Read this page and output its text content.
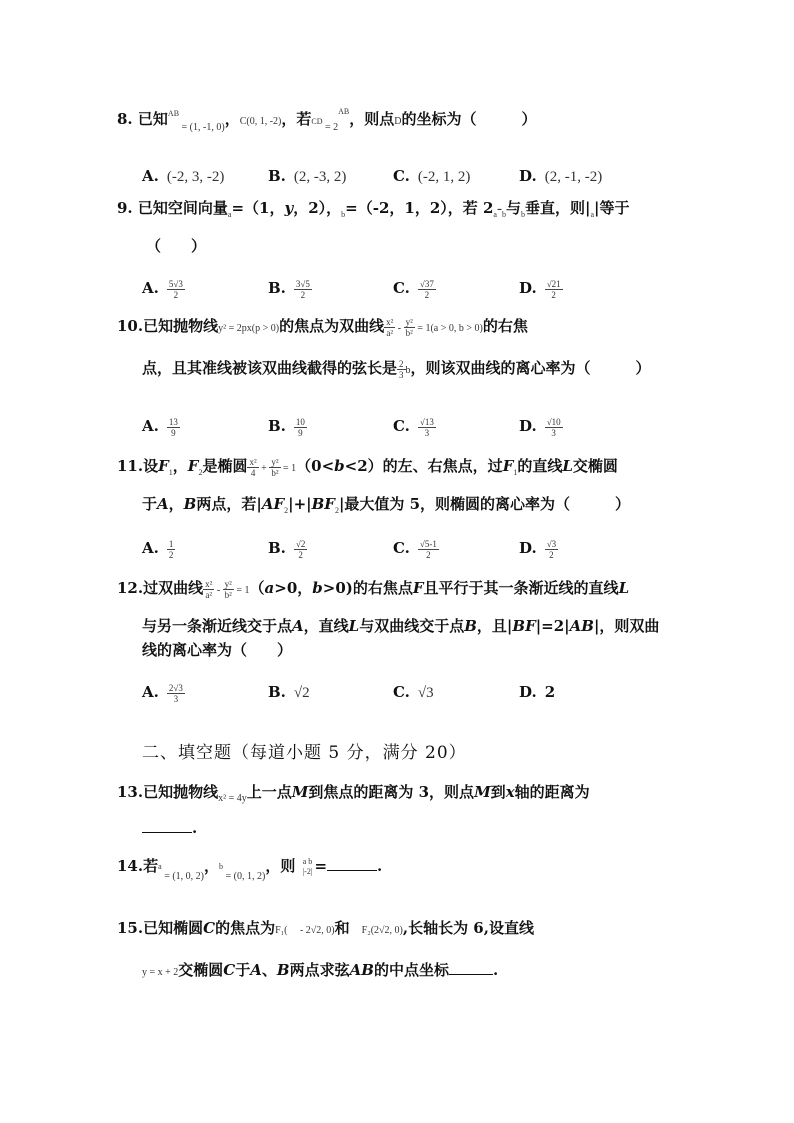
8. 已知$^{AB}$ $_{= (1, -1, 0)}$，C(0, 1, -2)，若CD $_{= 2}^{AB}$，则点D的坐标为（　　　）
A. (-2, 3, -2)	B. (2, -3, 2)	C. (-2, 1, 2)	D. (2, -1, -2)
9. 已知空间向量$_a$=（1，y，2），$_b$=（-2，1，2），若 $2_a-_b$与$_b$垂直，则$|_a|$等于
（　　）
A. $\frac{5√3}{2}$	B. $\frac{3√5}{2}$	C. $\frac{√37}{2}$	D. $\frac{√21}{2}$
10.已知抛物线y² = 2px(p > 0)的焦点为双曲线 $\frac{\text{x²}}{\text{a²}} - \frac{\text{y²}}{\text{b²}} = 1(a > 0$, b > 0)的右焦
点，且其准线被该双曲线截得的弦长是 $\frac{2}{3}$ b，则该双曲线的离心率为（　　　）
A. $\frac{13}{9}$	B. $\frac{10}{9}$	C. $\frac{√13}{3}$	D. $\frac{√10}{3}$
11.设$F_1$，$F_2$是椭圆 $\frac{\text{x²}}{4} + \frac{\text{y²}}{\text{b²}} = 1(0<b<2)$的左、右焦点，过$F_1$的直线L交椭圆
于A，B两点，若$|AF_2|+|BF_2|$最大值为 5，则椭圆的离心率为（　　　）
A. $\frac{1}{2}$	B. $\frac{√2}{2}$	C. $\frac{√5-1}{2}$	D. $\frac{√3}{2}$
12.过双曲线 $\frac{\text{x²}}{\text{a²}} - \frac{\text{y²}}{\text{b²}} = 1(a>0$，b>0)的右焦点F且平行于其一条渐近线的直线L
与另一条渐近线交于点A，直线L与双曲线交于点B，且|BF|=2|AB|，则双曲
线的离心率为（　　）
A. $\frac{2√3}{3}$	B. √2	C. √3	D. 2
二、填空题（每道小题 5 分，满分 20）
13.已知抛物线$_{x^2 = 4y}$上一点M到焦点的距离为 3，则点M到x轴的距离为
.
14.若a $_{= (1, 0, 2)}$，b $_{= (0, 1, 2)}$，则 a b
|-2| =	.
15.已知椭圆C的焦点为F₁(　 - 2√2, 0)和 F₂(2√2, 0),长轴长为 6,设直线
y = x + 2交椭圆C于A、B两点求弦AB的中点坐标	.
